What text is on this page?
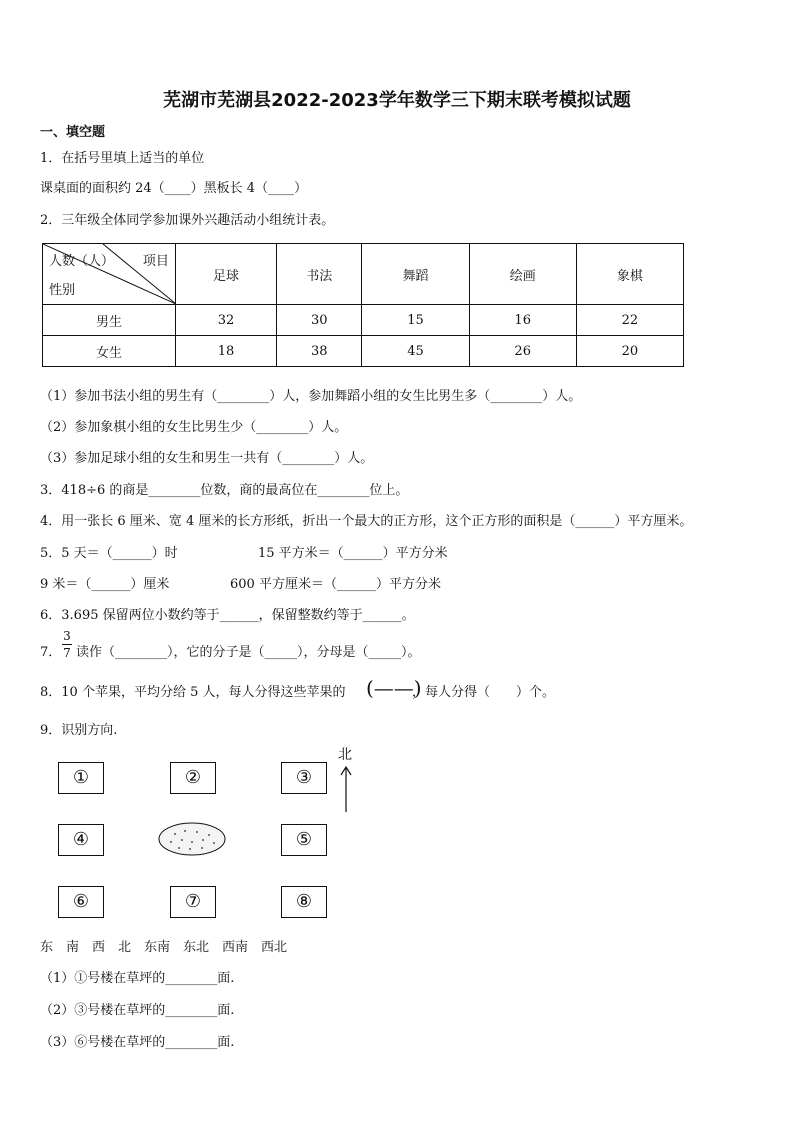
芜湖市芜湖县2022-2023学年数学三下期末联考模拟试题
一、填空题
1．在括号里填上适当的单位
课桌面的面积约 24（____）黑板长 4（____）
2．三年级全体同学参加课外兴趣活动小组统计表。
项目
人数（人）
性别	足球	书法	舞蹈	绘画	象棋
男生	32	30	15	16	22
女生	18	38	45	26	20
（1）参加书法小组的男生有（________）人，参加舞蹈小组的女生比男生多（________）人。
（2）参加象棋小组的女生比男生少（________）人。
（3）参加足球小组的女生和男生一共有（________）人。
3．418÷6 的商是________位数，商的最高位在________位上。
4．用一张长 6 厘米、宽 4 厘米的长方形纸，折出一个最大的正方形，这个正方形的面积是（______）平方厘米。
5．5 天＝（______）时	15 平方米＝（______）平方分米
9 米＝（______）厘米	600 平方厘米＝（______）平方分米
6．3.695 保留两位小数约等于______，保留整数约等于______。
7．
3
7 读作（________），它的分子是（_____），分母是（_____）。
8．10 个苹果，平均分给 5 人，每人分得这些苹果的 (——)
，每人分得（　　）个。
9．识别方向.
北
①	②	③
④	⑤
⑥	⑦	⑧
东　南　西　北　东南　东北　西南　西北
（1）①号楼在草坪的________面.
（2）③号楼在草坪的________面.
（3）⑥号楼在草坪的________面.
